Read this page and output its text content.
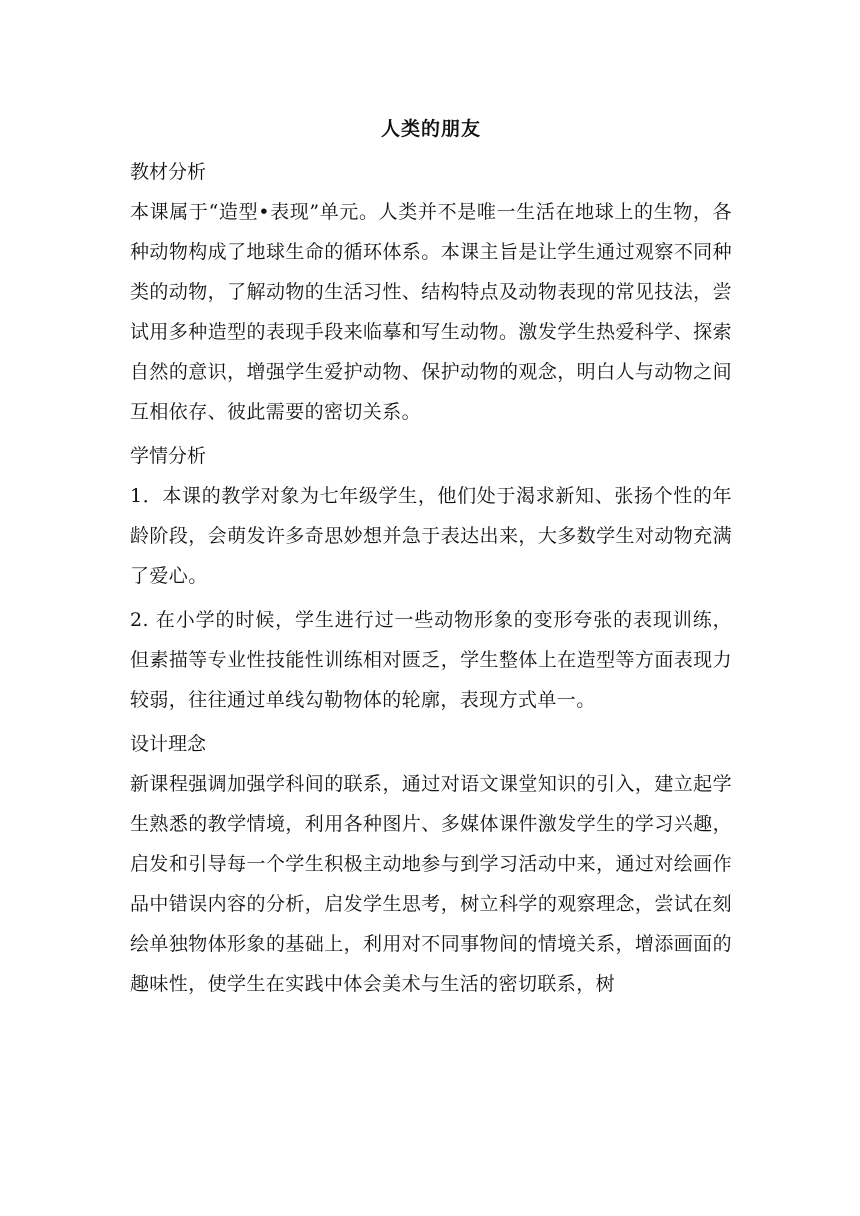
人类的朋友
教材分析

本课属于“造型•表现”单元。人类并不是唯一生活在地球上的生物，各种动物构成了地球生命的循环体系。本课主旨是让学生通过观察不同种类的动物，了解动物的生活习性、结构特点及动物表现的常见技法，尝试用多种造型的表现手段来临摹和写生动物。激发学生热爱科学、探索自然的意识，增强学生爱护动物、保护动物的观念，明白人与动物之间互相依存、彼此需要的密切关系。

学情分析

1．本课的教学对象为七年级学生，他们处于渴求新知、张扬个性的年龄阶段，会萌发许多奇思妙想并急于表达出来，大多数学生对动物充满了爱心。

2. 在小学的时候，学生进行过一些动物形象的变形夸张的表现训练，但素描等专业性技能性训练相对匮乏，学生整体上在造型等方面表现力较弱，往往通过单线勾勒物体的轮廓，表现方式单一。

设计理念

新课程强调加强学科间的联系，通过对语文课堂知识的引入，建立起学生熟悉的教学情境，利用各种图片、多媒体课件激发学生的学习兴趣，启发和引导每一个学生积极主动地参与到学习活动中来，通过对绘画作品中错误内容的分析，启发学生思考，树立科学的观察理念，尝试在刻绘单独物体形象的基础上，利用对不同事物间的情境关系，增添画面的趣味性，使学生在实践中体会美术与生活的密切联系，树
